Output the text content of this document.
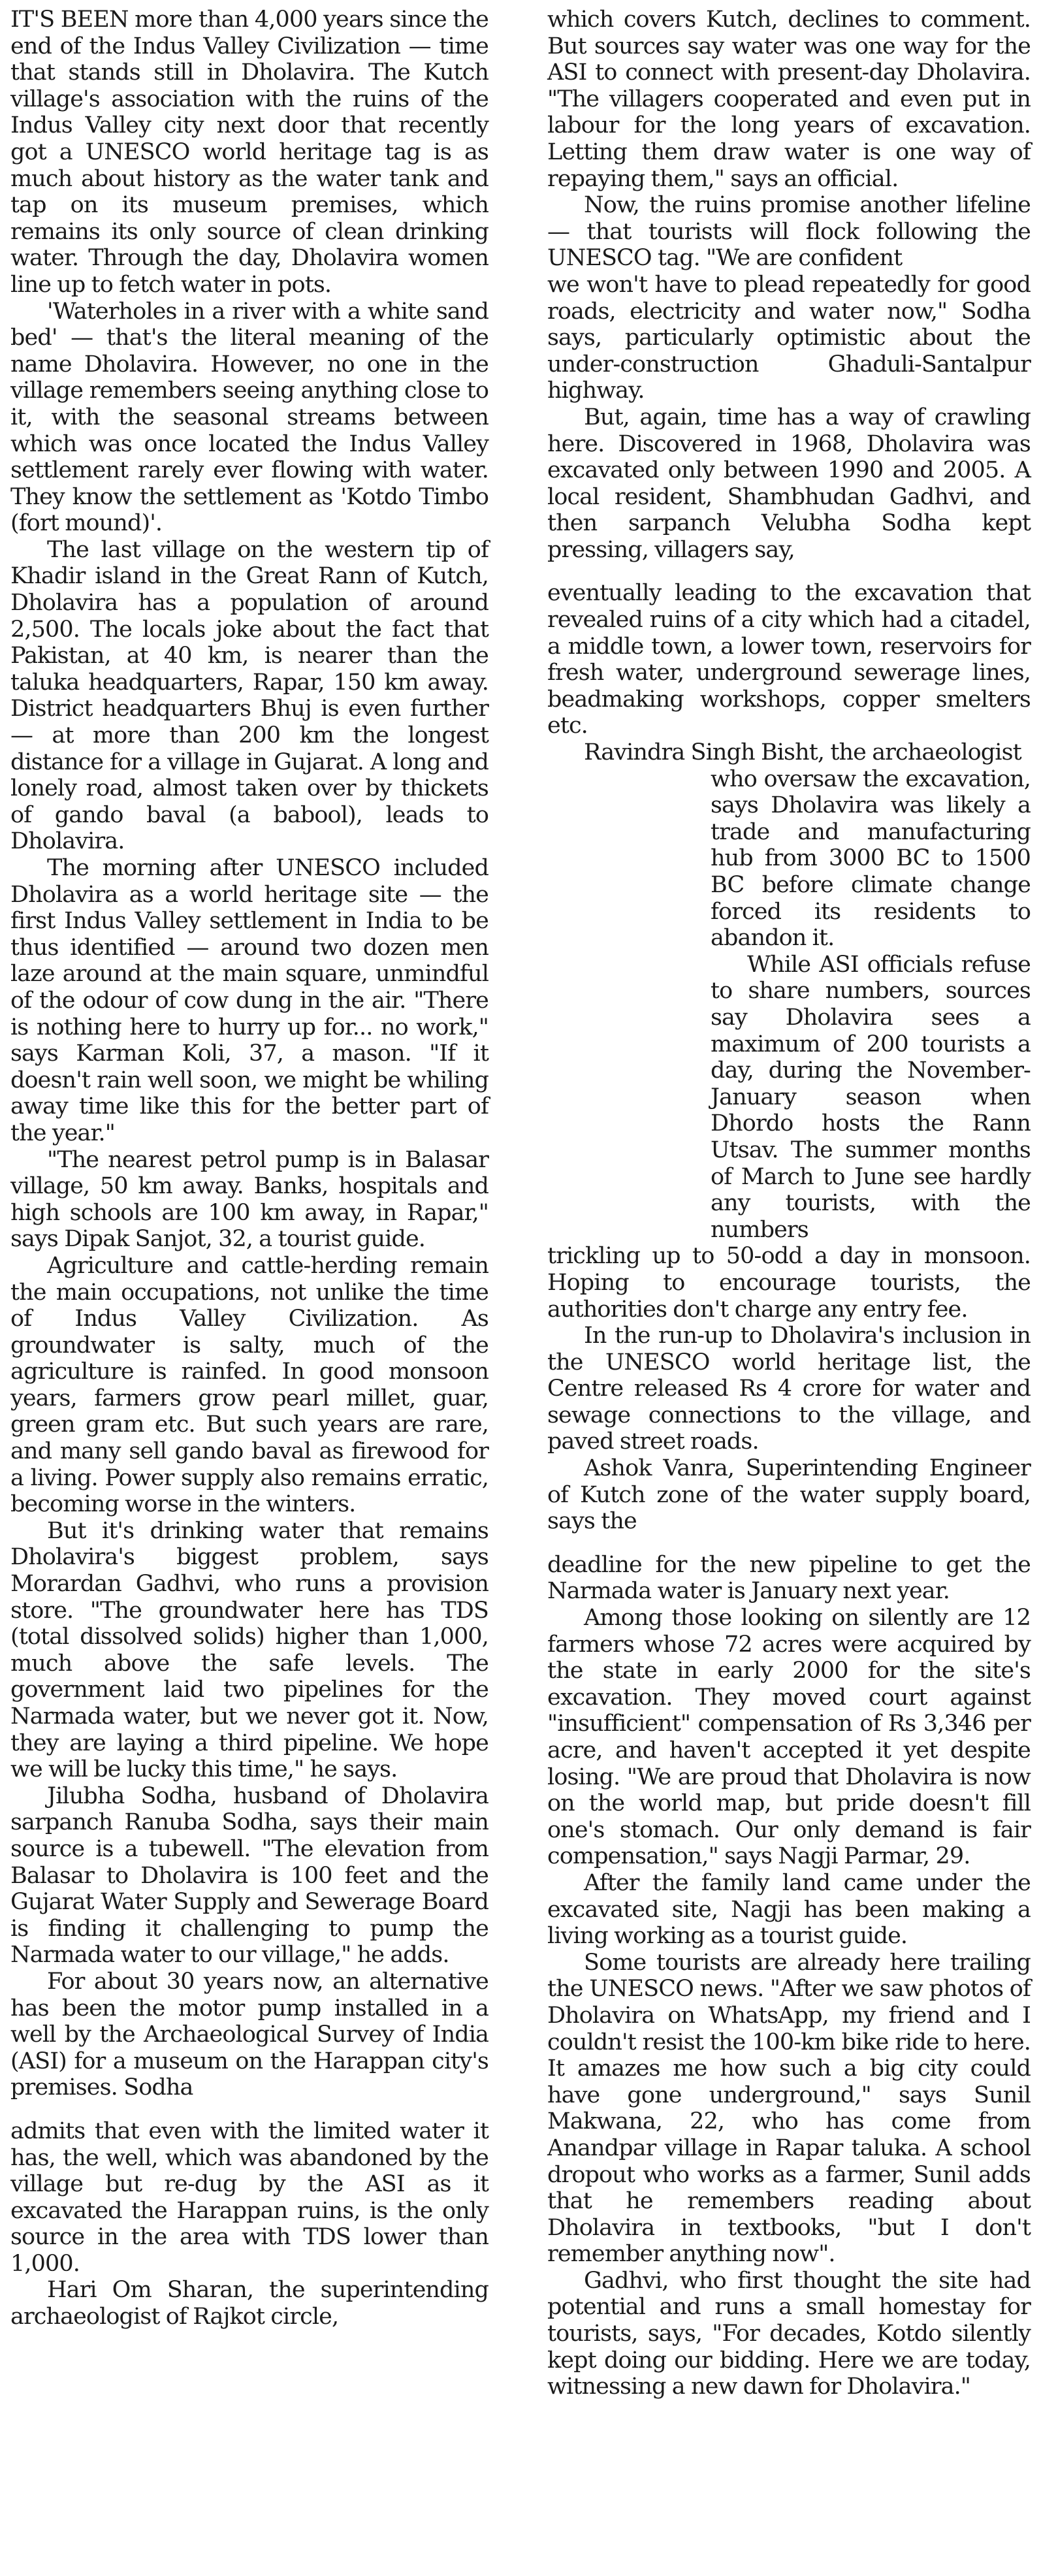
IT'S BEEN more than 4,000 years since the end of the Indus Valley Civilization — time that stands still in Dholavira. The Kutch village's association with the ruins of the Indus Valley city next door that recently got a UNESCO world heritage tag is as much about history as the water tank and tap on its museum premises, which remains its only source of clean drinking water. Through the day, Dholavira women line up to fetch water in pots.

'Waterholes in a river with a white sand bed' — that's the literal meaning of the name Dholavira. However, no one in the village remembers seeing anything close to it, with the seasonal streams between which was once located the Indus Valley settlement rarely ever flowing with water. They know the settlement as 'Kotdo Timbo (fort mound)'.

The last village on the western tip of Khadir island in the Great Rann of Kutch, Dholavira has a population of around 2,500. The locals joke about the fact that Pakistan, at 40 km, is nearer than the taluka headquarters, Rapar, 150 km away. District headquarters Bhuj is even further — at more than 200 km the longest distance for a village in Gujarat. A long and lonely road, almost taken over by thickets of gando baval (a babool), leads to Dholavira.

The morning after UNESCO included Dholavira as a world heritage site — the first Indus Valley settlement in India to be thus identified — around two dozen men laze around at the main square, unmindful of the odour of cow dung in the air. "There is nothing here to hurry up for... no work," says Karman Koli, 37, a mason. "If it doesn't rain well soon, we might be whiling away time like this for the better part of the year."

"The nearest petrol pump is in Balasar village, 50 km away. Banks, hospitals and high schools are 100 km away, in Rapar," says Dipak Sanjot, 32, a tourist guide.

Agriculture and cattle-herding remain the main occupations, not unlike the time of Indus Valley Civilization. As groundwater is salty, much of the agriculture is rainfed. In good monsoon years, farmers grow pearl millet, guar, green gram etc. But such years are rare, and many sell gando baval as firewood for a living. Power supply also remains erratic, becoming worse in the winters.

But it's drinking water that remains Dholavira's biggest problem, says Morardan Gadhvi, who runs a provision store. "The groundwater here has TDS (total dissolved solids) higher than 1,000, much above the safe levels. The government laid two pipelines for the Narmada water, but we never got it. Now, they are laying a third pipeline. We hope we will be lucky this time," he says.

Jilubha Sodha, husband of Dholavira sarpanch Ranuba Sodha, says their main source is a tubewell. "The elevation from Balasar to Dholavira is 100 feet and the Gujarat Water Supply and Sewerage Board is finding it challenging to pump the Narmada water to our village," he adds.

For about 30 years now, an alternative has been the motor pump installed in a well by the Archaeological Survey of India (ASI) for a museum on the Harappan city's premises. Sodha

admits that even with the limited water it has, the well, which was abandoned by the village but re-dug by the ASI as it excavated the Harappan ruins, is the only source in the area with TDS lower than 1,000.

Hari Om Sharan, the superintending archaeologist of Rajkot circle,

which covers Kutch, declines to comment. But sources say water was one way for the ASI to connect with present-day Dholavira. "The villagers cooperated and even put in labour for the long years of excavation. Letting them draw water is one way of repaying them," says an official.

Now, the ruins promise another lifeline — that tourists will flock following the UNESCO tag. "We are confident

we won't have to plead repeatedly for good roads, electricity and water now," Sodha says, particularly optimistic about the under-construction Ghaduli-Santalpur highway.

But, again, time has a way of crawling here. Discovered in 1968, Dholavira was excavated only between 1990 and 2005. A local resident, Shambhudan Gadhvi, and then sarpanch Velubha Sodha kept pressing, villagers say,

eventually leading to the excavation that revealed ruins of a city which had a citadel, a middle town, a lower town, reservoirs for fresh water, underground sewerage lines, beadmaking workshops, copper smelters etc.

Ravindra Singh Bisht, the archaeologist

who oversaw the excavation, says Dholavira was likely a trade and manufacturing hub from 3000 BC to 1500 BC before climate change forced its residents to abandon it.

While ASI officials refuse to share numbers, sources say Dholavira sees a maximum of 200 tourists a day, during the November-January season when Dhordo hosts the Rann Utsav. The summer months of March to June see hardly any tourists, with the numbers

trickling up to 50-odd a day in monsoon. Hoping to encourage tourists, the authorities don't charge any entry fee.

In the run-up to Dholavira's inclusion in the UNESCO world heritage list, the Centre released Rs 4 crore for water and sewage connections to the village, and paved street roads.

Ashok Vanra, Superintending Engineer of Kutch zone of the water supply board, says the

deadline for the new pipeline to get the Narmada water is January next year.

Among those looking on silently are 12 farmers whose 72 acres were acquired by the state in early 2000 for the site's excavation. They moved court against "insufficient" compensation of Rs 3,346 per acre, and haven't accepted it yet despite losing. "We are proud that Dholavira is now on the world map, but pride doesn't fill one's stomach. Our only demand is fair compensation," says Nagji Parmar, 29.

After the family land came under the excavated site, Nagji has been making a living working as a tourist guide.

Some tourists are already here trailing the UNESCO news. "After we saw photos of Dholavira on WhatsApp, my friend and I couldn't resist the 100-km bike ride to here. It amazes me how such a big city could have gone underground," says Sunil Makwana, 22, who has come from Anandpar village in Rapar taluka. A school dropout who works as a farmer, Sunil adds that he remembers reading about Dholavira in textbooks, "but I don't remember anything now".

Gadhvi, who first thought the site had potential and runs a small homestay for tourists, says, "For decades, Kotdo silently kept doing our bidding. Here we are today, witnessing a new dawn for Dholavira."
